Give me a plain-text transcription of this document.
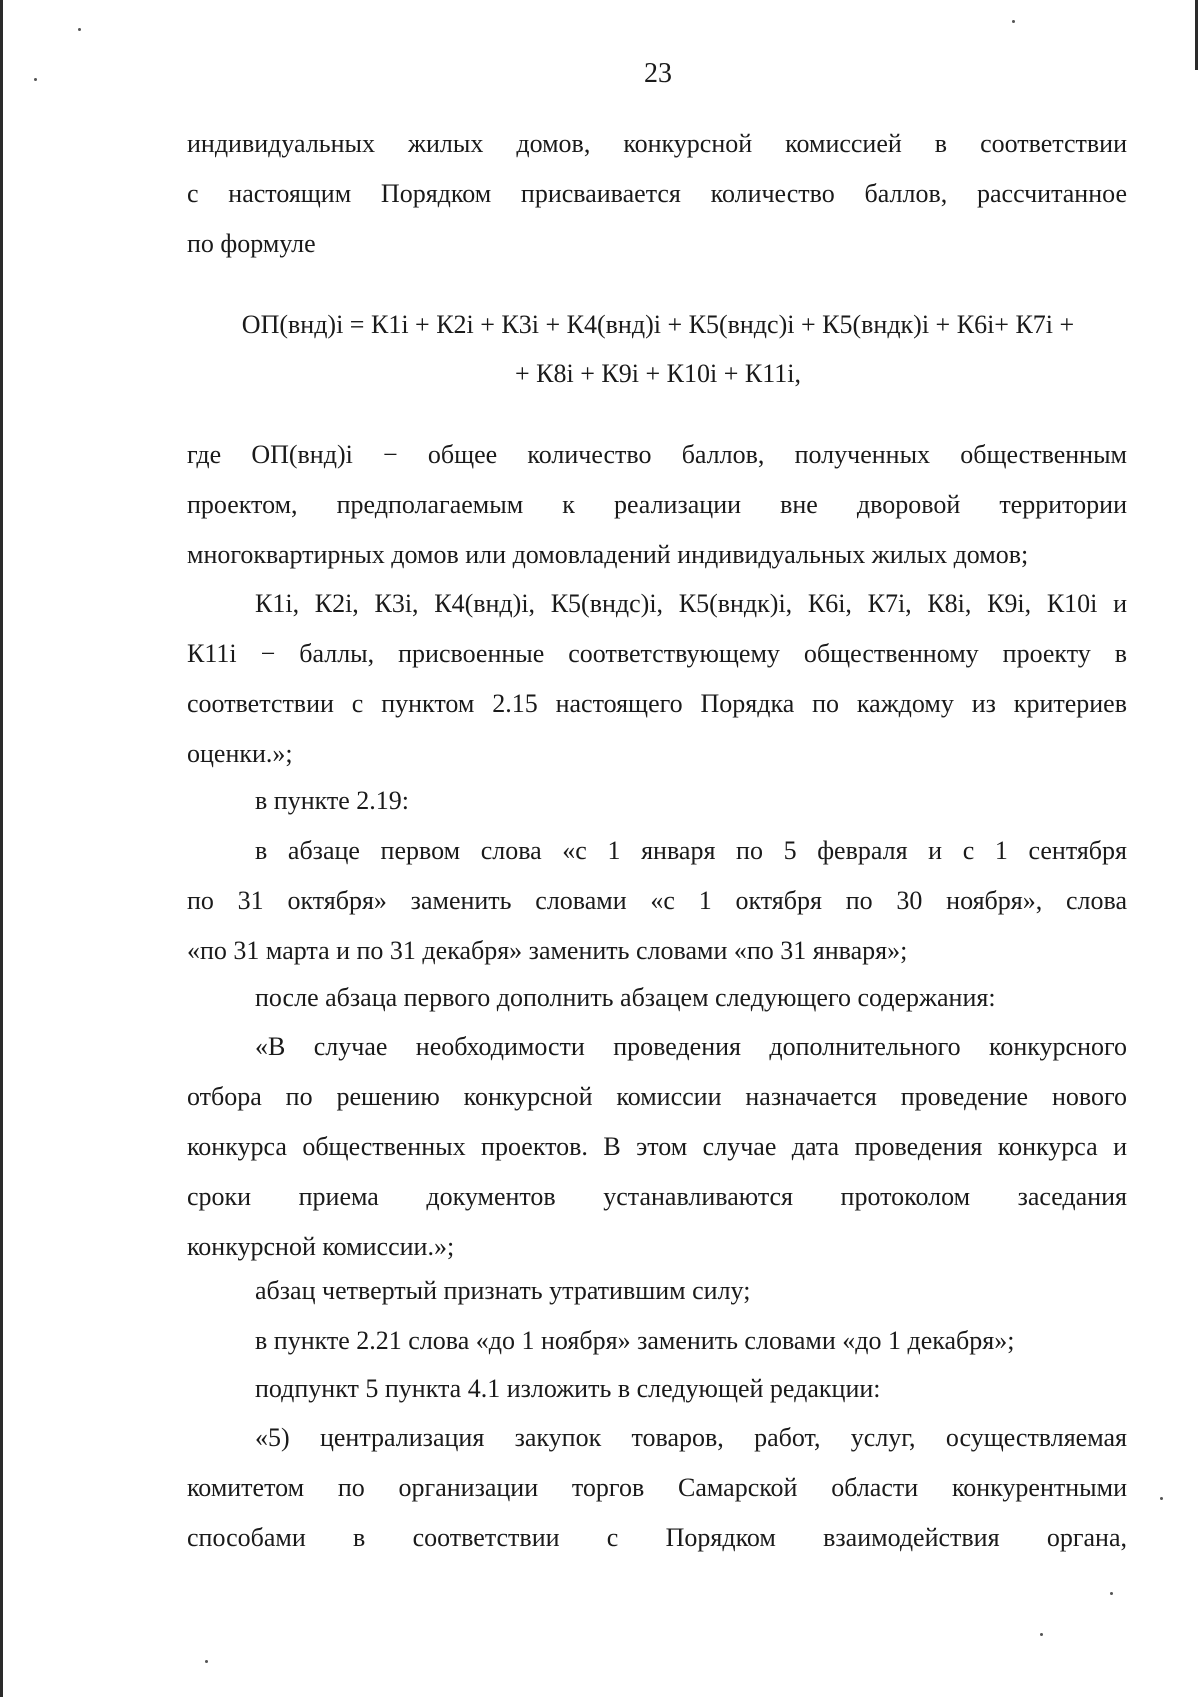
23
индивидуальных жилых домов, конкурсной комиссией в соответствии
с настоящим Порядком присваивается количество баллов, рассчитанное
по формуле
ОП(внд)i = К1i + К2i + К3i + К4(внд)i + К5(вндс)i + К5(вндк)i + К6i+ К7i +
+ К8i + К9i + К10i + К11i,
где ОП(внд)i − общее количество баллов, полученных общественным
проектом, предполагаемым к реализации вне дворовой территории
многоквартирных домов или домовладений индивидуальных жилых домов;
К1i, К2i, К3i, К4(внд)i, К5(вндс)i, К5(вндк)i, К6i, К7i, К8i, К9i, К10i и
К11i − баллы, присвоенные соответствующему общественному проекту в
соответствии с пунктом 2.15 настоящего Порядка по каждому из критериев
оценки.»;
в пункте 2.19:
в абзаце первом слова «с 1 января по 5 февраля и с 1 сентября
по 31 октября» заменить словами «с 1 октября по 30 ноября», слова
«по 31 марта и по 31 декабря» заменить словами «по 31 января»;
после абзаца первого дополнить абзацем следующего содержания:
«В случае необходимости проведения дополнительного конкурсного
отбора по решению конкурсной комиссии назначается проведение нового
конкурса общественных проектов. В этом случае дата проведения конкурса и
сроки приема документов устанавливаются протоколом заседания
конкурсной комиссии.»;
абзац четвертый признать утратившим силу;
в пункте 2.21 слова «до 1 ноября» заменить словами «до 1 декабря»;
подпункт 5 пункта 4.1 изложить в следующей редакции:
«5) централизация закупок товаров, работ, услуг, осуществляемая
комитетом по организации торгов Самарской области конкурентными
способами в соответствии с Порядком взаимодействия органа,
